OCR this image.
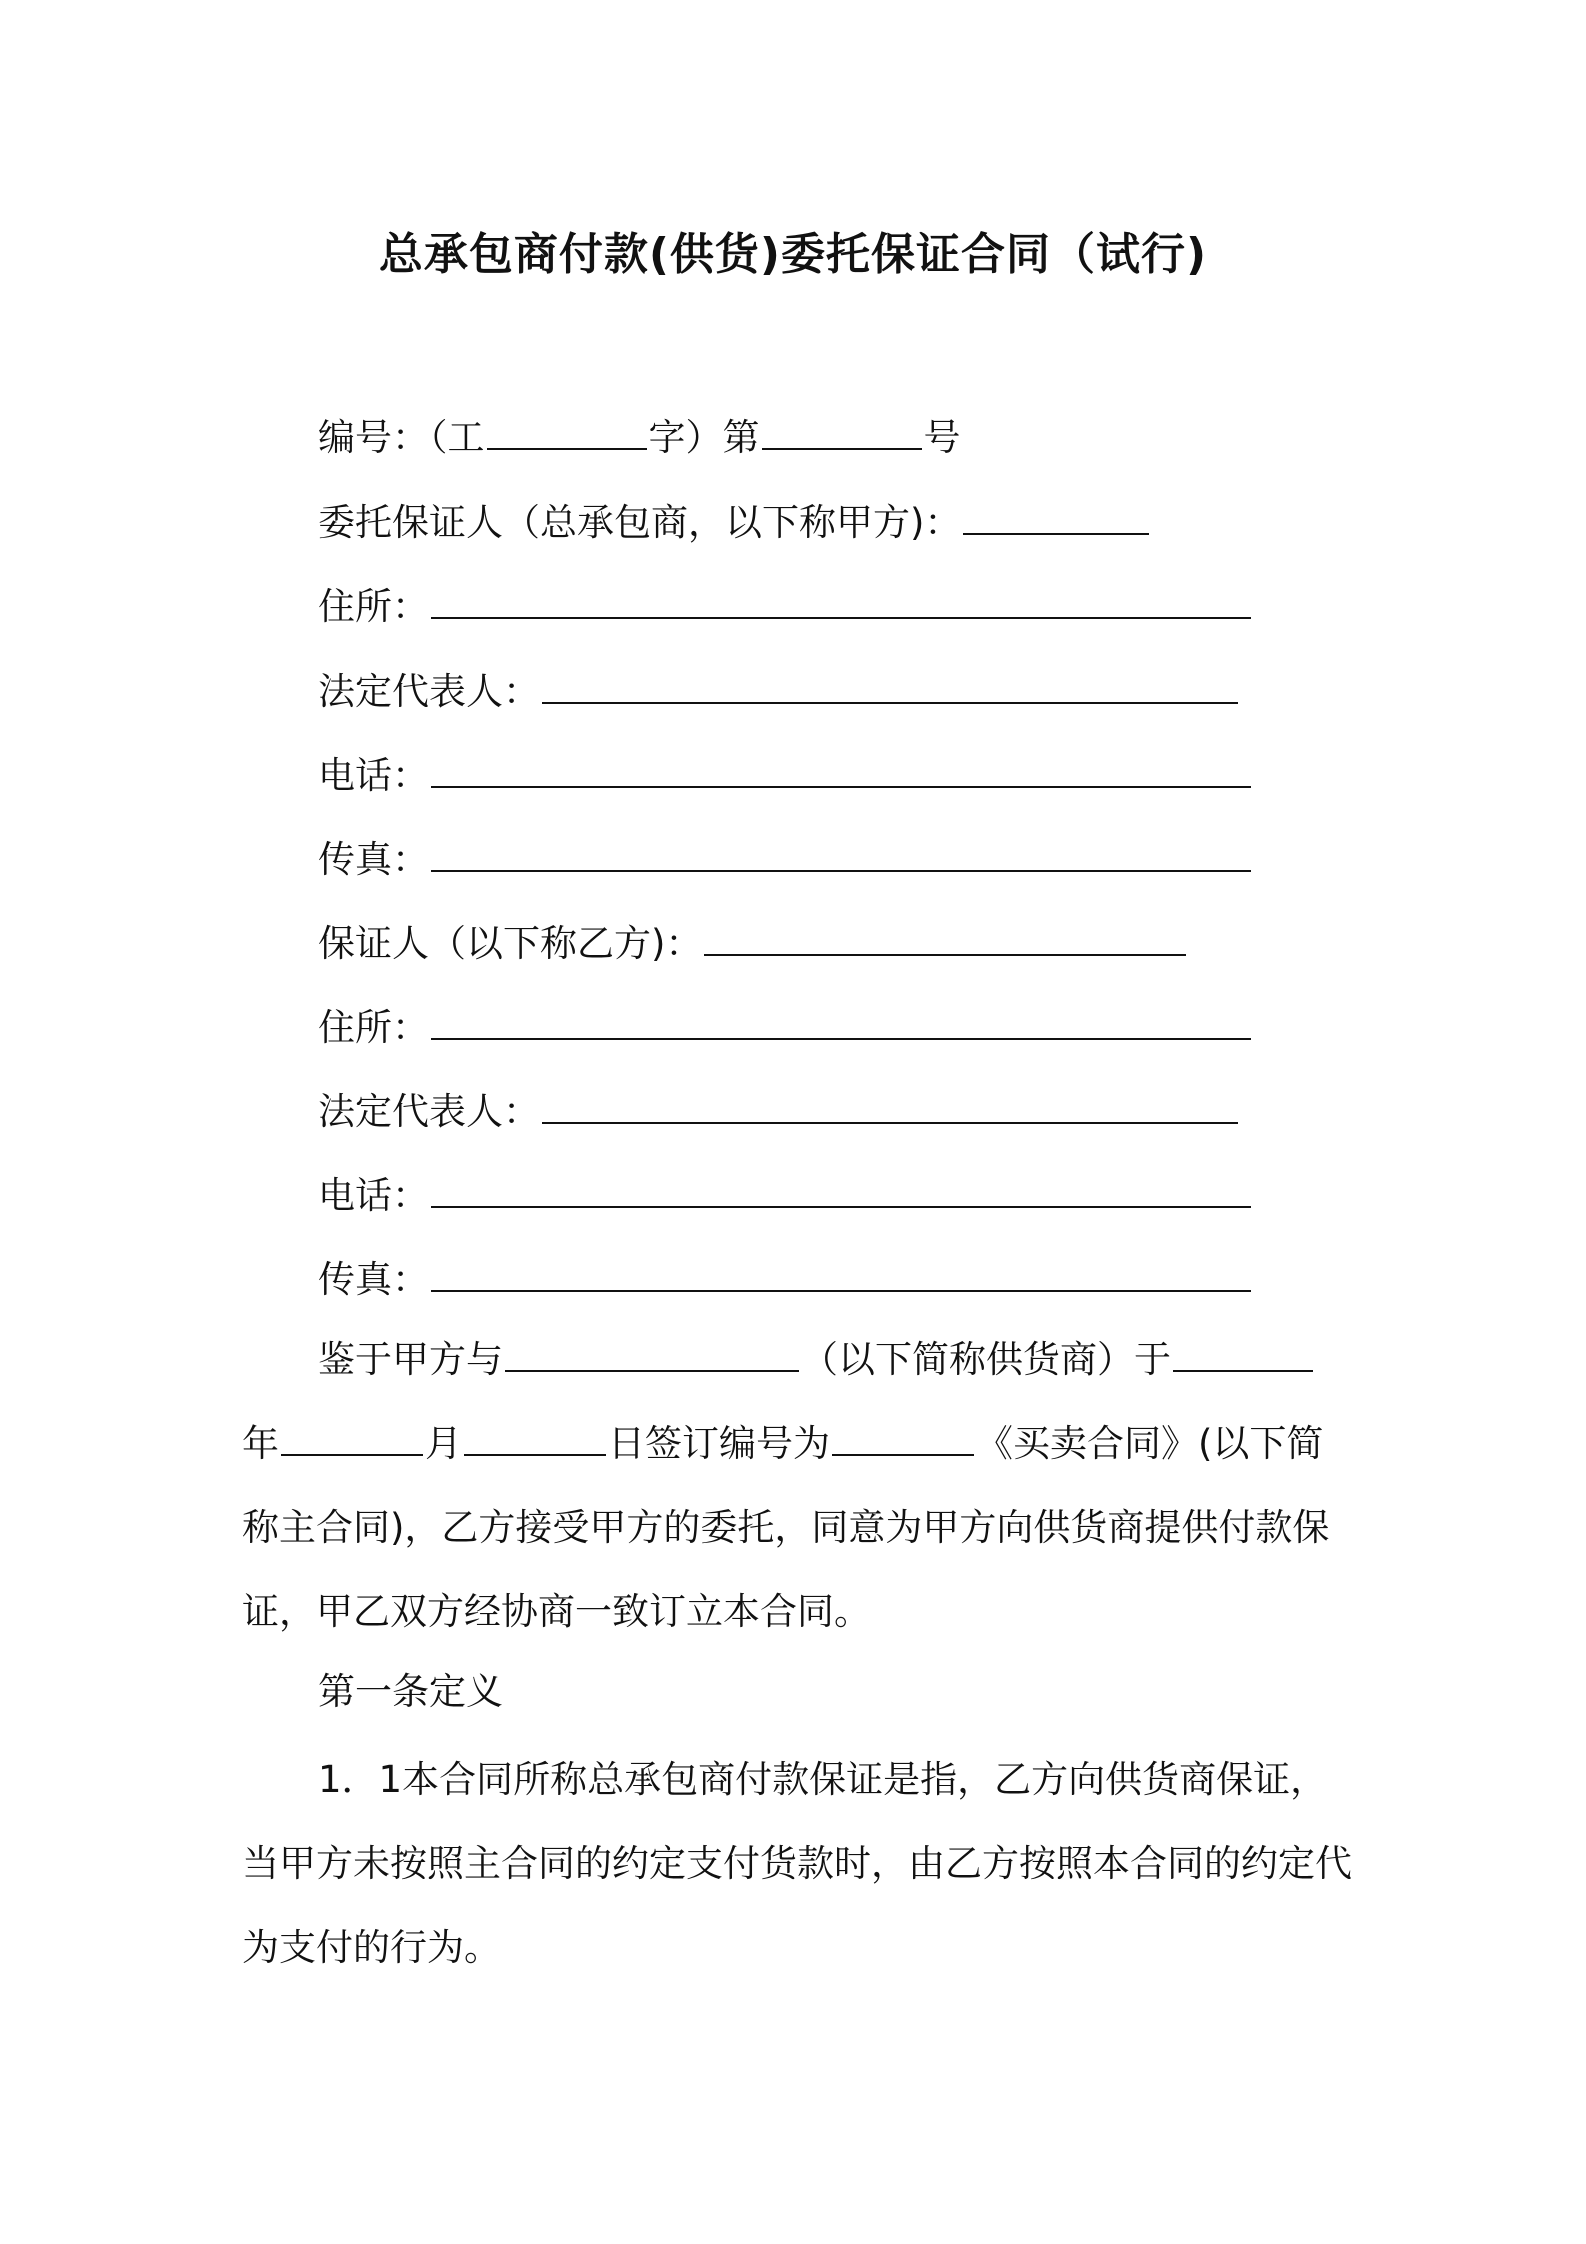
总承包商付款(供货)委托保证合同（试行)
编号：（工	字）第	号
委托保证人（总承包商，以下称甲方)：
住所：
法定代表人：
电话：
传真：
保证人（以下称乙方)：
住所：
法定代表人：
电话：
传真：
鉴于甲方与	（以下简称供货商）于
年	月	日签订编号为	《买卖合同》(以下简
称主合同)，乙方接受甲方的委托，同意为甲方向供货商提供付款保
证，甲乙双方经协商一致订立本合同。
第一条定义
1．1本合同所称总承包商付款保证是指，乙方向供货商保证，
当甲方未按照主合同的约定支付货款时，由乙方按照本合同的约定代
为支付的行为。
